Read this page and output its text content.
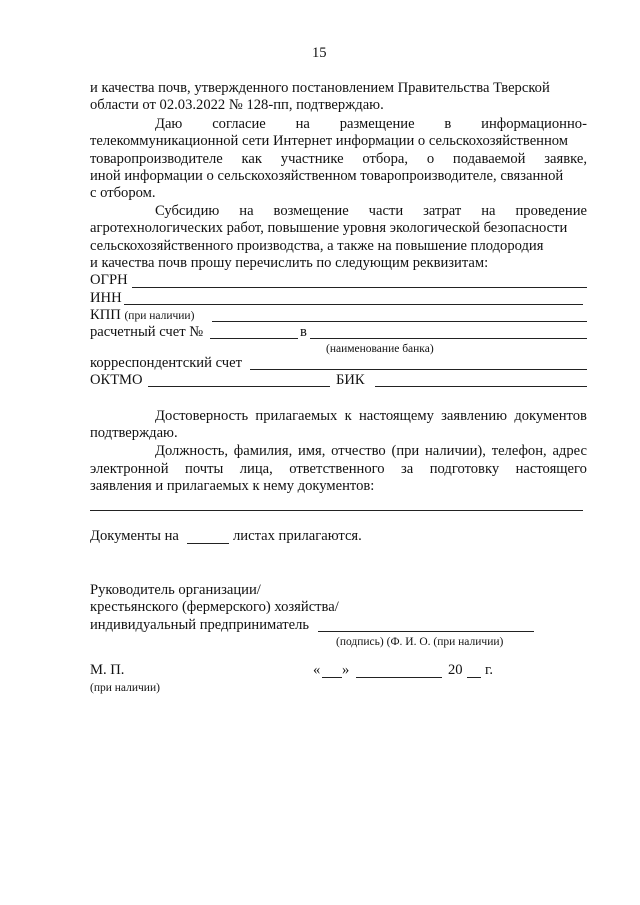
15
и качества почв, утвержденного постановлением Правительства Тверской
области от 02.03.2022 № 128-пп, подтверждаю.
Даю согласие на размещение в информационно-
телекоммуникационной сети Интернет информации о сельскохозяйственном
товаропроизводителе как участнике отбора, о подаваемой заявке,
иной информации о сельскохозяйственном товаропроизводителе, связанной
с отбором.
Субсидию на возмещение части затрат на проведение
агротехнологических работ, повышение уровня экологической безопасности
сельскохозяйственного производства, а также на повышение плодородия
и качества почв прошу перечислить по следующим реквизитам:
ОГРН
ИНН
КПП (при наличии)
расчетный счет №	в
(наименование банка)
корреспондентский счет
ОКТМО	БИК
Достоверность прилагаемых к настоящему заявлению документов
подтверждаю.
Должность, фамилия, имя, отчество (при наличии), телефон, адрес
электронной почты лица, ответственного за подготовку настоящего
заявления и прилагаемых к нему документов:
Документы на	листах прилагаются.
Руководитель организации/
крестьянского (фермерского) хозяйства/
индивидуальный предприниматель
(подпись) (Ф. И. О. (при наличии)
М. П.
(при наличии)
« »	20 г.
